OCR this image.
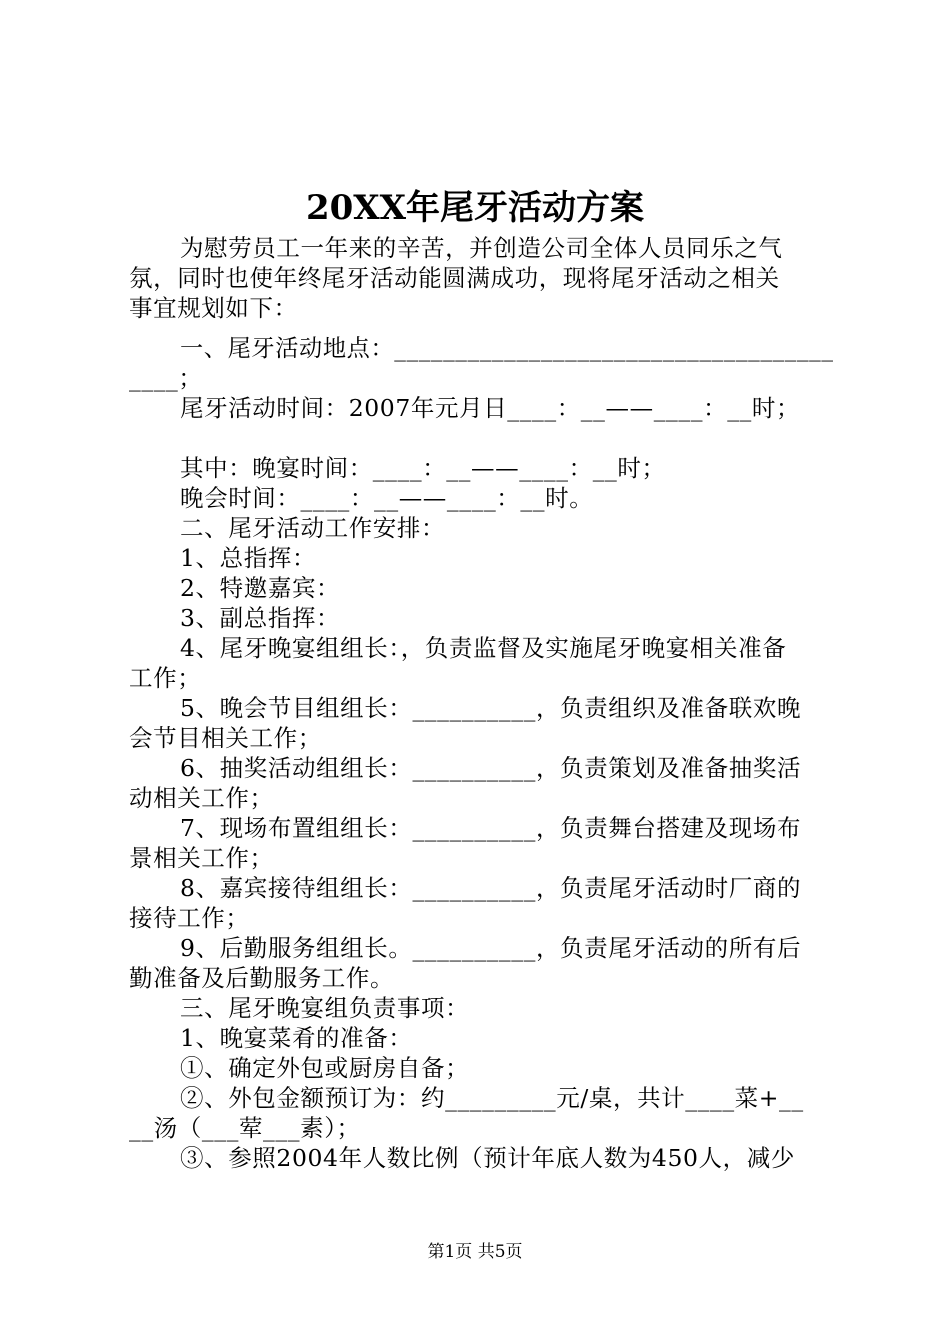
20XX年尾牙活动方案
为慰劳员工一年来的辛苦，并创造公司全体人员同乐之气
氛，同时也使年终尾牙活动能圆满成功，现将尾牙活动之相关
事宜规划如下：
一、尾牙活动地点：____________________________________
____；
尾牙活动时间：2007年元月日____：__——____：__时；
其中：晚宴时间：____：__——____：__时；
晚会时间：____：__——____：__时。
二、尾牙活动工作安排：
1、总指挥：
2、特邀嘉宾：
3、副总指挥：
4、尾牙晚宴组组长：，负责监督及实施尾牙晚宴相关准备
工作；
5、晚会节目组组长：__________，负责组织及准备联欢晚
会节目相关工作；
6、抽奖活动组组长：__________，负责策划及准备抽奖活
动相关工作；
7、现场布置组组长：__________，负责舞台搭建及现场布
景相关工作；
8、嘉宾接待组组长：__________，负责尾牙活动时厂商的
接待工作；
9、后勤服务组组长。__________，负责尾牙活动的所有后
勤准备及后勤服务工作。
三、尾牙晚宴组负责事项：
1、晚宴菜肴的准备：
①、确定外包或厨房自备；
②、外包金额预订为：约_________元/桌，共计____菜+__
__汤（___荤___素）；
③、参照2004年人数比例（预计年底人数为450人，减少
第1页 共5页
